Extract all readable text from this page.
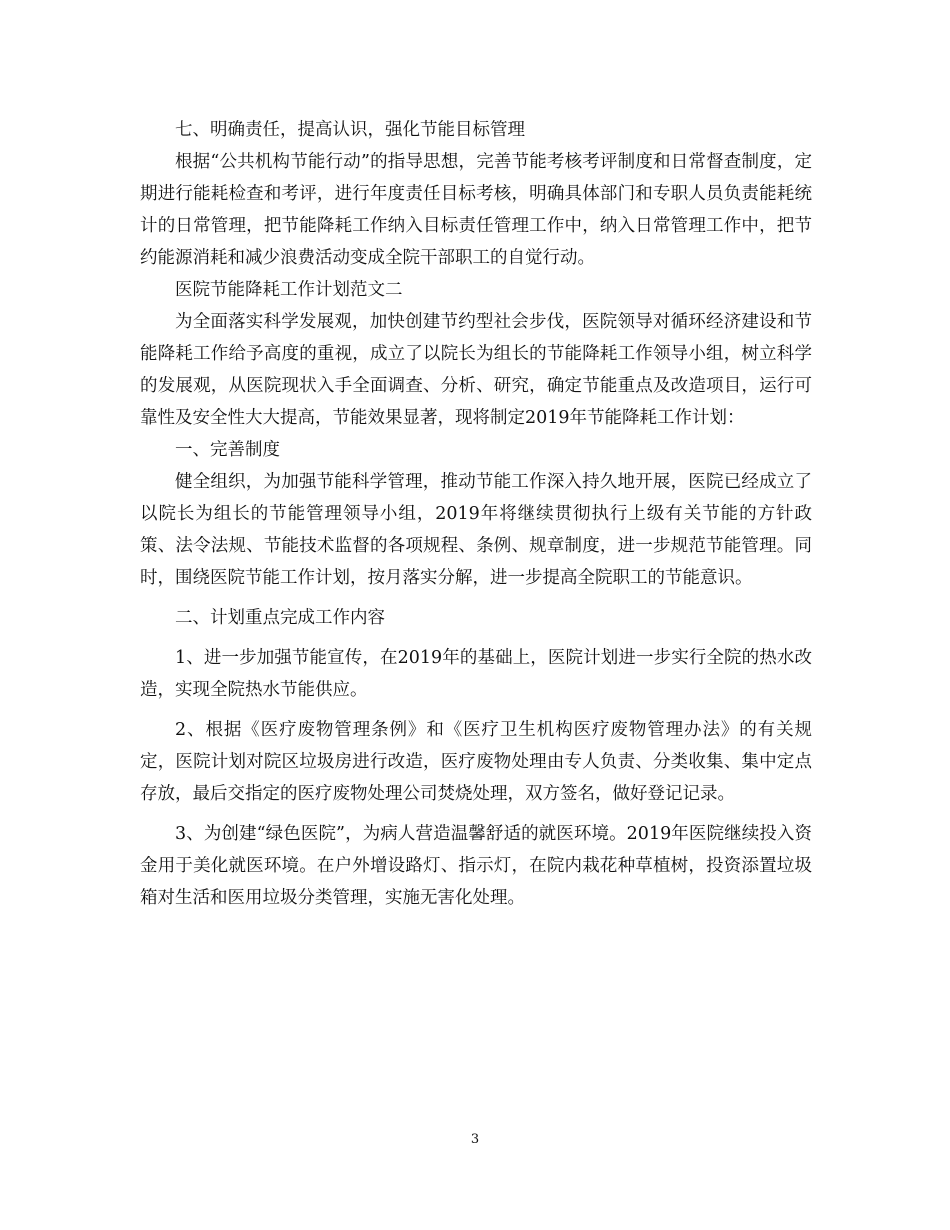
七、明确责任，提高认识，强化节能目标管理

根据“公共机构节能行动”的指导思想，完善节能考核考评制度和日常督查制度，定期进行能耗检查和考评，进行年度责任目标考核，明确具体部门和专职人员负责能耗统计的日常管理，把节能降耗工作纳入目标责任管理工作中，纳入日常管理工作中，把节约能源消耗和减少浪费活动变成全院干部职工的自觉行动。

医院节能降耗工作计划范文二

为全面落实科学发展观，加快创建节约型社会步伐，医院领导对循环经济建设和节能降耗工作给予高度的重视，成立了以院长为组长的节能降耗工作领导小组，树立科学的发展观，从医院现状入手全面调查、分析、研究，确定节能重点及改造项目，运行可靠性及安全性大大提高，节能效果显著，现将制定2019年节能降耗工作计划：

一、完善制度

健全组织，为加强节能科学管理，推动节能工作深入持久地开展，医院已经成立了以院长为组长的节能管理领导小组，2019年将继续贯彻执行上级有关节能的方针政策、法令法规、节能技术监督的各项规程、条例、规章制度，进一步规范节能管理。同时，围绕医院节能工作计划，按月落实分解，进一步提高全院职工的节能意识。

二、计划重点完成工作内容

1、进一步加强节能宣传，在2019年的基础上，医院计划进一步实行全院的热水改造，实现全院热水节能供应。

2、根据《医疗废物管理条例》和《医疗卫生机构医疗废物管理办法》的有关规定，医院计划对院区垃圾房进行改造，医疗废物处理由专人负责、分类收集、集中定点存放，最后交指定的医疗废物处理公司焚烧处理，双方签名，做好登记记录。

3、为创建“绿色医院”，为病人营造温馨舒适的就医环境。2019年医院继续投入资金用于美化就医环境。在户外增设路灯、指示灯，在院内栽花种草植树，投资添置垃圾箱对生活和医用垃圾分类管理，实施无害化处理。

3
